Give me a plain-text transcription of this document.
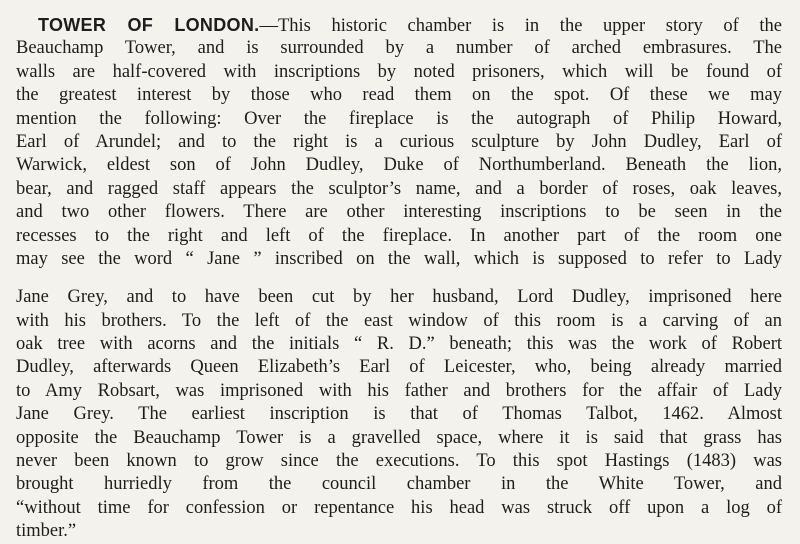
TOWER OF LONDON.—This historic chamber is in the upper story of the
Beauchamp Tower, and is surrounded by a number of arched embrasures. The
walls are half-covered with inscriptions by noted prisoners, which will be found of
the greatest interest by those who read them on the spot. Of these we may
mention the following: Over the fireplace is the autograph of Philip Howard,
Earl of Arundel; and to the right is a curious sculpture by John Dudley, Earl of
Warwick, eldest son of John Dudley, Duke of Northumberland. Beneath the lion,
bear, and ragged staff appears the sculptor’s name, and a border of roses, oak leaves,
and two other flowers. There are other interesting inscriptions to be seen in the
recesses to the right and left of the fireplace. In another part of the room one
may see the word “ Jane ” inscribed on the wall, which is supposed to refer to Lady
Jane Grey, and to have been cut by her husband, Lord Dudley, imprisoned here
with his brothers. To the left of the east window of this room is a carving of an
oak tree with acorns and the initials “ R. D.” beneath; this was the work of Robert
Dudley, afterwards Queen Elizabeth’s Earl of Leicester, who, being already married
to Amy Robsart, was imprisoned with his father and brothers for the affair of Lady
Jane Grey. The earliest inscription is that of Thomas Talbot, 1462. Almost
opposite the Beauchamp Tower is a gravelled space, where it is said that grass has
never been known to grow since the executions. To this spot Hastings (1483) was
brought hurriedly from the council chamber in the White Tower, and
“without time for confession or repentance his head was struck off upon a log of
timber.”
